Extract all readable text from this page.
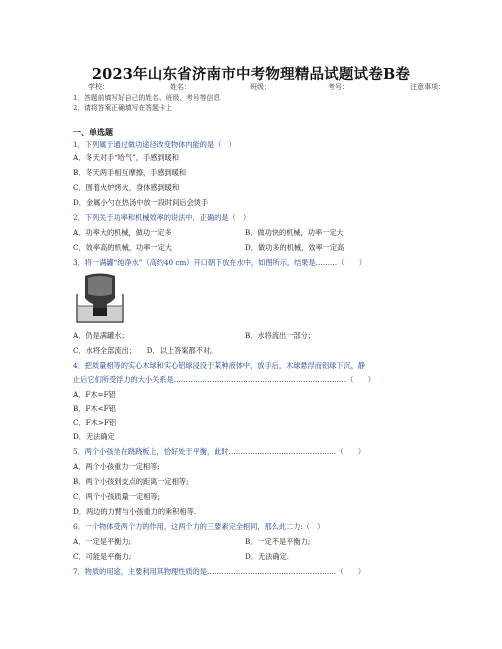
2023年山东省济南市中考物理精品试题试卷B卷
学校：	姓名：	班级：	考号：	注意事项：
1．答题前填写好自己的姓名、班级、考号等信息
2．请将答案正确填写在答题卡上
一、单选题
1．下列属于通过做功途径改变物体内能的是（　）
A．冬天对手“哈气”，手感到暖和
B．冬天两手相互摩擦，手感到暖和
C．围着火炉烤火，身体感到暖和
D．金属小勺在热汤中放一段时间后会烫手
2．下列关于功率和机械效率的说法中，正确的是（　）
A．功率大的机械，做功一定多	B．做功快的机械，功率一定大
C．效率高的机械，功率一定大	D．做功多的机械，效率一定高
3．将一满罐“纯净水”（高约40 cm）开口朝下放在水中，如图所示，结果是………（　　）
A．仍是满罐水；	B．水将流出一部分；
C．水将全部流出；　　D．以上答案都不对。
4．把质量相等的实心木球和实心铝球浸没于某种液体中，放手后，木球悬浮而铝球下沉，静
止后它们所受浮力的大小关系是………………………………………………………………（　　）
A．F木=F铝
B．F木<F铝
C．F木>F铝
D．无法确定
5．两个小孩坐在跷跷板上，恰好处于平衡，此时………………………………………（　　）
A．两个小孩重力一定相等;
B．两个小孩到支点的距离一定相等;
C．两个小孩质量一定相等;
D．两边的力臂与小孩重力的乘积相等.
6．一个物体受两个力的作用，这两个力的三要素完全相同，那么此二力:（　）
A．一定是平衡力;	B．一定不是平衡力;
C．可能是平衡力;	D．无法确定.
7．物质的用途，主要利用其物理性质的是………………………………………………（　　）
